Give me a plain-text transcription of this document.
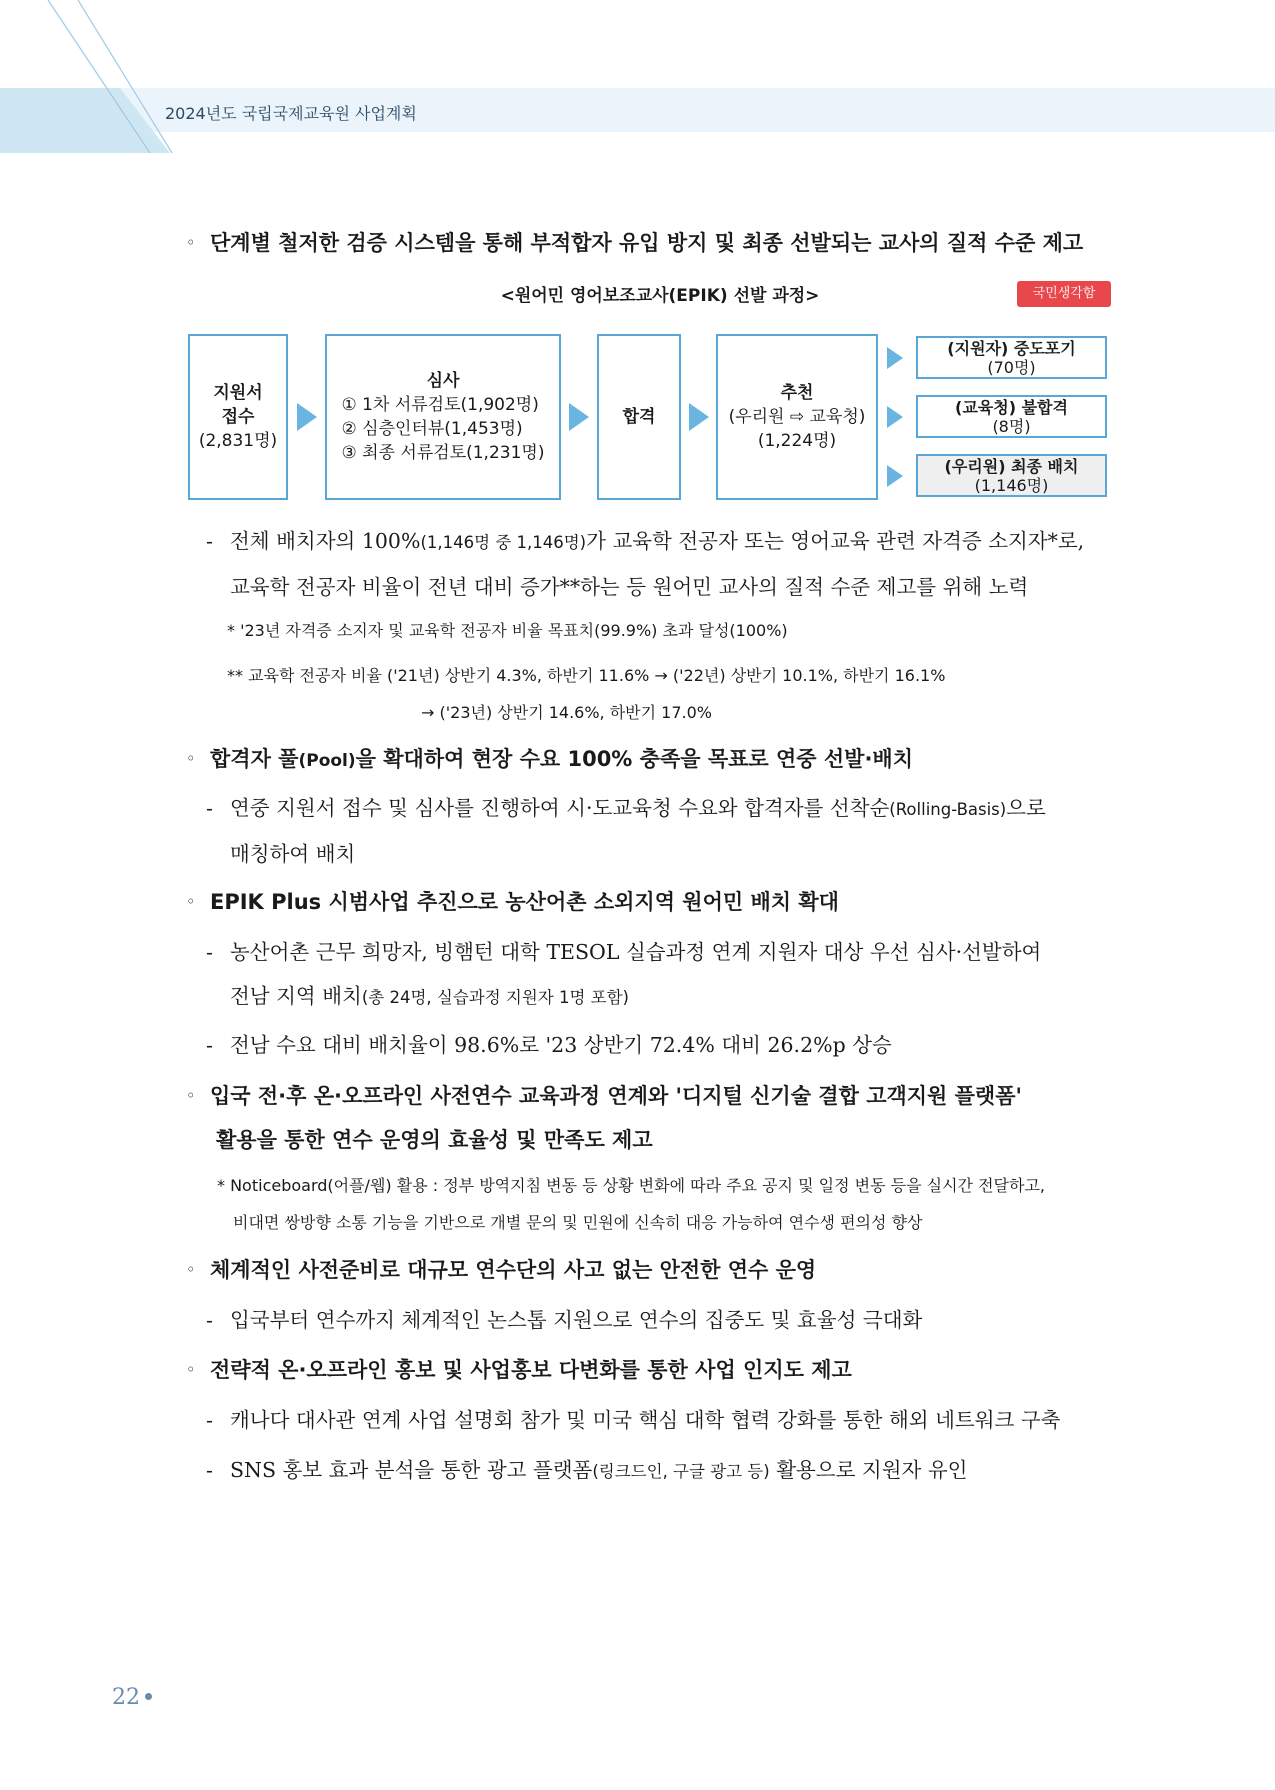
2024년도 국립국제교육원 사업계획
◦ 단계별 철저한 검증 시스템을 통해 부적합자 유입 방지 및 최종 선발되는 교사의 질적 수준 제고
<원어민 영어보조교사(EPIK) 선발 과정>	국민생각함
지원서
접수
(2,831명)
심사
① 1차 서류검토(1,902명)
② 심층인터뷰(1,453명)
③ 최종 서류검토(1,231명)
합격
추천
(우리원 ⇨ 교육청)
(1,224명)
(지원자) 중도포기
(70명)
(교육청) 불합격
(8명)
(우리원) 최종 배치
(1,146명)
- 전체 배치자의 100%(1,146명 중 1,146명)가 교육학 전공자 또는 영어교육 관련 자격증 소지자*로,
교육학 전공자 비율이 전년 대비 증가**하는 등 원어민 교사의 질적 수준 제고를 위해 노력
* '23년 자격증 소지자 및 교육학 전공자 비율 목표치(99.9%) 초과 달성(100%)
** 교육학 전공자 비율 ('21년) 상반기 4.3%, 하반기 11.6% → ('22년) 상반기 10.1%, 하반기 16.1%
→ ('23년) 상반기 14.6%, 하반기 17.0%
◦ 합격자 풀(Pool)을 확대하여 현장 수요 100% 충족을 목표로 연중 선발·배치
- 연중 지원서 접수 및 심사를 진행하여 시·도교육청 수요와 합격자를 선착순(Rolling-Basis)으로
매칭하여 배치
◦ EPIK Plus 시범사업 추진으로 농산어촌 소외지역 원어민 배치 확대
- 농산어촌 근무 희망자, 빙햄턴 대학 TESOL 실습과정 연계 지원자 대상 우선 심사·선발하여
전남 지역 배치(총 24명, 실습과정 지원자 1명 포함)
- 전남 수요 대비 배치율이 98.6%로 '23 상반기 72.4% 대비 26.2%p 상승
◦ 입국 전·후 온·오프라인 사전연수 교육과정 연계와 '디지털 신기술 결합 고객지원 플랫폼'
활용을 통한 연수 운영의 효율성 및 만족도 제고
* Noticeboard(어플/웹) 활용 : 정부 방역지침 변동 등 상황 변화에 따라 주요 공지 및 일정 변동 등을 실시간 전달하고,
비대면 쌍방향 소통 기능을 기반으로 개별 문의 및 민원에 신속히 대응 가능하여 연수생 편의성 향상
◦ 체계적인 사전준비로 대규모 연수단의 사고 없는 안전한 연수 운영
- 입국부터 연수까지 체계적인 논스톱 지원으로 연수의 집중도 및 효율성 극대화
◦ 전략적 온·오프라인 홍보 및 사업홍보 다변화를 통한 사업 인지도 제고
- 캐나다 대사관 연계 사업 설명회 참가 및 미국 핵심 대학 협력 강화를 통한 해외 네트워크 구축
- SNS 홍보 효과 분석을 통한 광고 플랫폼(링크드인, 구글 광고 등) 활용으로 지원자 유인
22
